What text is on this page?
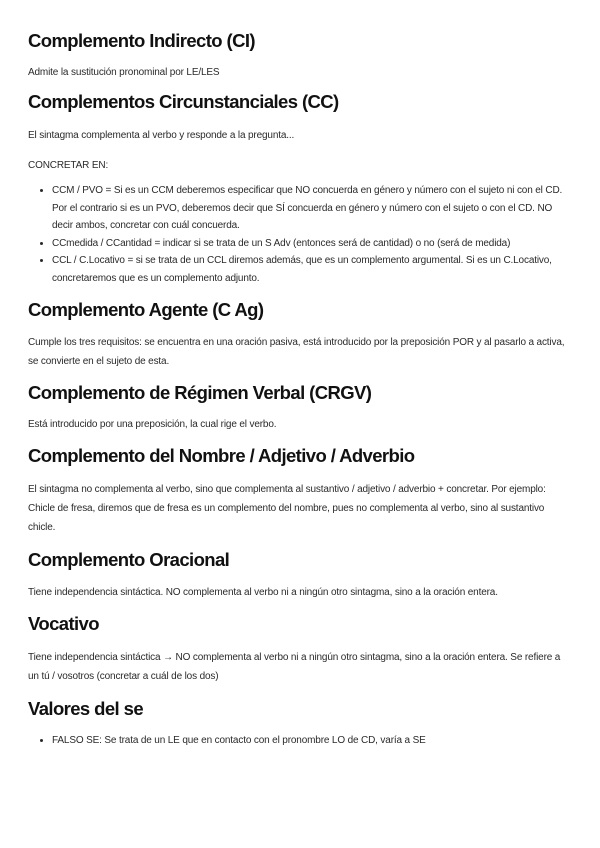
Complemento Indirecto (CI)

Admite la sustitución pronominal por LE/LES

Complementos Circunstanciales (CC)

El sintagma complementa al verbo y responde a la pregunta...

CONCRETAR EN:

• CCM / PVO = Si es un CCM deberemos especificar que NO concuerda en género y número con el sujeto ni con el CD. Por el contrario si es un PVO, deberemos decir que SÍ concuerda en género y número con el sujeto o con el CD. NO decir ambos, concretar con cuál concuerda.
• CCmedida / CCantidad = indicar si se trata de un S Adv (entonces será de cantidad) o no (será de medida)
• CCL / C.Locativo = si se trata de un CCL diremos además, que es un complemento argumental. Si es un C.Locativo, concretaremos que es un complemento adjunto.
Complemento Agente (C Ag)

Cumple los tres requisitos: se encuentra en una oración pasiva, está introducido por la preposición POR y al pasarlo a activa, se convierte en el sujeto de esta.

Complemento de Régimen Verbal (CRGV)

Está introducido por una preposición, la cual rige el verbo.

Complemento del Nombre / Adjetivo / Adverbio

El sintagma no complementa al verbo, sino que complementa al sustantivo / adjetivo / adverbio + concretar. Por ejemplo: Chicle de fresa, diremos que de fresa es un complemento del nombre, pues no complementa al verbo, sino al sustantivo chicle.

Complemento Oracional

Tiene independencia sintáctica. NO complementa al verbo ni a ningún otro sintagma, sino a la oración entera.

Vocativo

Tiene independencia sintáctica → NO complementa al verbo ni a ningún otro sintagma, sino a la oración entera. Se refiere a un tú / vosotros (concretar a cuál de los dos)

Valores del se
• FALSO SE: Se trata de un LE que en contacto con el pronombre LO de CD, varía a SE
